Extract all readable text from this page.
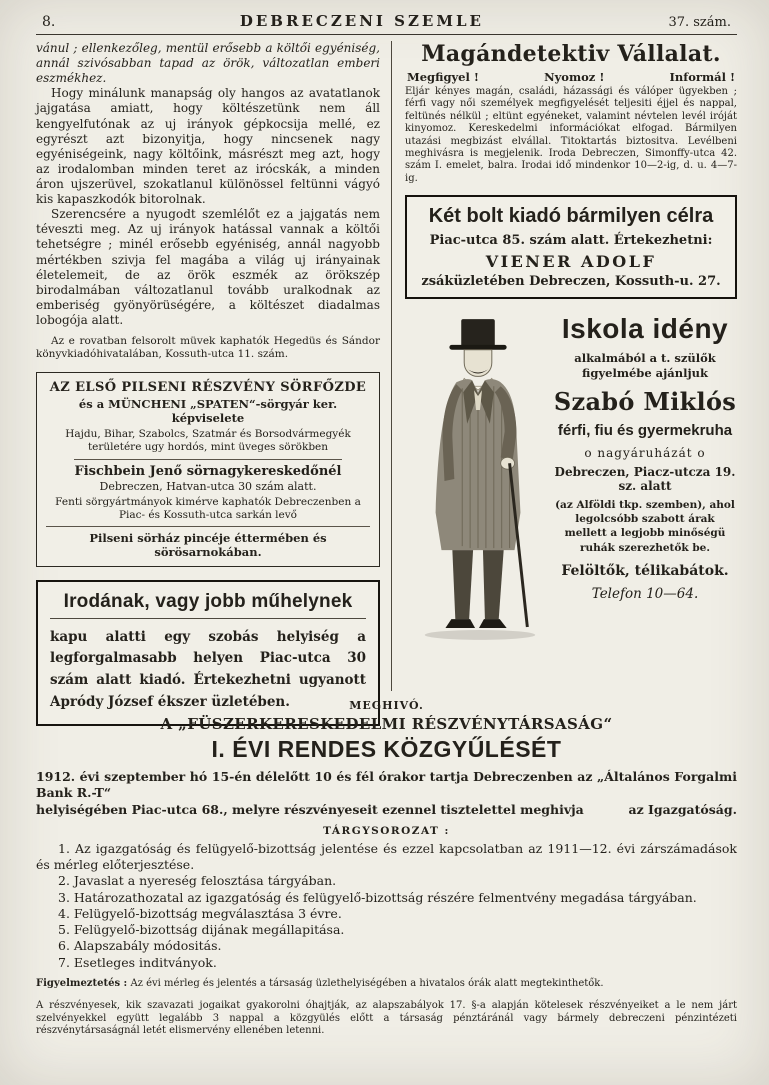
8.	DEBRECZENI SZEMLE	37. szám.

vánul ; ellenkezőleg, mentül erősebb a költői egyéniség, annál szivósabban tapad az örök, változatlan emberi eszmékhez.

Hogy minálunk manapság oly hangos az avatatlanok jajgatása amiatt, hogy költészetünk nem áll kengyelfutónak az uj irányok gépkocsija mellé, ez egyrészt azt bizonyitja, hogy nincsenek nagy egyéniségeink, nagy költőink, másrészt meg azt, hogy az irodalomban minden teret az irócskák, a minden áron ujszerüvel, szokatlanul különössel feltünni vágyó kis kapaszkodók bitorolnak.

Szerencsére a nyugodt szemlélőt ez a jajgatás nem téveszti meg. Az uj irányok hatással vannak a költői tehetségre ; minél erősebb egyéniség, annál nagyobb mértékben szivja fel magába a világ uj irányainak életelemeit, de az örök eszmék az örökszép birodalmában változatlanul tovább uralkodnak az emberiség gyönyörüségére, a költészet diadalmas lobogója alatt.

Az e rovatban felsorolt müvek kaphatók Hegedüs és Sándor könyvkiadóhivatalában, Kossuth-utca 11. szám.

AZ ELSŐ PILSENI RÉSZVÉNY SÖRFŐZDE
és a MÜNCHENI „SPATEN“-sörgyár ker. képviselete
Hajdu, Bihar, Szabolcs, Szatmár és Borsodvármegyék területére ugy hordós, mint üveges sörökben
Fischbein Jenő sörnagykereskedőnél
Debreczen, Hatvan-utca 30 szám alatt.
Fenti sörgyártmányok kimérve kaphatók Debreczenben a Piac- és Kossuth-utca sarkán levő
Pilseni sörház pincéje éttermében és sörösarnokában.
Irodának, vagy jobb műhelynek
kapu alatti egy szobás helyiség a legforgalmasabb helyen Piac-utca 30 szám alatt kiadó. Értekezhetni ugyanott Apródy József ékszer üzletében.
Magándetektiv Vállalat.
Megfigyel !	Nyomoz !	Informál !

Eljár kényes magán, családi, házassági és válóper ügyekben ; férfi vagy női személyek megfigyelését teljesiti éjjel és nappal, feltünés nélkül ; eltünt egyéneket, valamint névtelen levél iróját kinyomoz. Kereskedelmi információkat elfogad. Bármilyen utazási megbizást elvállal. Titoktartás biztositva. Levélbeni meghivásra is megjelenik. Iroda Debreczen, Simonffy-utca 42. szám I. emelet, balra. Irodai idő mindenkor 10—2-ig, d. u. 4—7-ig.

Két bolt kiadó bármilyen célra
Piac-utca 85. szám alatt. Értekezhetni:
VIENER ADOLF
zsáküzletében Debreczen, Kossuth-u. 27.
Iskola idény
alkalmából a t. szülők figyelmébe ajánljuk
Szabó Miklós
férfi, fiu és gyermekruha
o nagyáruházát o
Debreczen, Piacz-utcza 19. sz. alatt
(az Alföldi tkp. szemben), ahol legolcsóbb szabott árak mellett a legjobb minőségü ruhák szerezhetők be.
Felöltők, télikabátok.
Telefon 10—64.
MEGHIVÓ.
A „FÜSZERKERESKEDELMI RÉSZVÉNYTÁRSASÁG“
I. ÉVI RENDES KÖZGYŰLÉSÉT
1912. évi szeptember hó 15-én délelőtt 10 és fél órakor tartja Debreczenben az „Általános Forgalmi Bank R.-T“
helyiségében Piac-utca 68., melyre részvényeseit ezennel tisztelettel meghivja	az Igazgatóság.
TÁRGYSOROZAT :

1. Az igazgatóság és felügyelő-bizottság jelentése és ezzel kapcsolatban az 1911—12. évi zárszámadások és mérleg előterjesztése.

2. Javaslat a nyereség felosztása tárgyában.

3. Határozathozatal az igazgatóság és felügyelő-bizottság részére felmentvény megadása tárgyában.

4. Felügyelő-bizottság megválasztása 3 évre.

5. Felügyelő-bizottság dijának megállapitása.

6. Alapszabály módositás.

7. Esetleges inditványok.

Figyelmeztetés : Az évi mérleg és jelentés a társaság üzlethelyiségében a hivatalos órák alatt megtekinthetők.

A részvényesek, kik szavazati jogaikat gyakorolni óhajtják, az alapszabályok 17. §-a alapján kötelesek részvényeiket a le nem járt szelvényekkel együtt legalább 3 nappal a közgyülés előtt a társaság pénztáránál vagy bármely debreczeni pénzintézeti részvénytársaságnál letét elismervény ellenében letenni.
